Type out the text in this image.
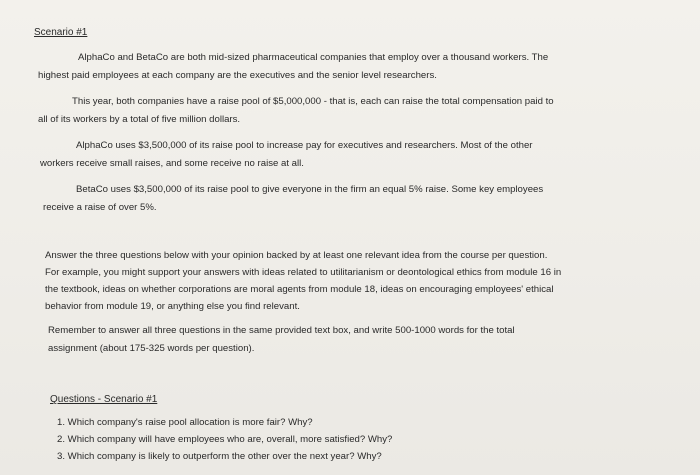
Scenario #1

AlphaCo and BetaCo are both mid-sized pharmaceutical companies that employ over a thousand workers. The

highest paid employees at each company are the executives and the senior level researchers.

This year, both companies have a raise pool of $5,000,000 - that is, each can raise the total compensation paid to

all of its workers by a total of five million dollars.

AlphaCo uses $3,500,000 of its raise pool to increase pay for executives and researchers. Most of the other

workers receive small raises, and some receive no raise at all.

BetaCo uses $3,500,000 of its raise pool to give everyone in the firm an equal 5% raise. Some key employees

receive a raise of over 5%.

Answer the three questions below with your opinion backed by at least one relevant idea from the course per question.

For example, you might support your answers with ideas related to utilitarianism or deontological ethics from module 16 in

the textbook, ideas on whether corporations are moral agents from module 18, ideas on encouraging employees' ethical

behavior from module 19, or anything else you find relevant.

Remember to answer all three questions in the same provided text box, and write 500-1000 words for the total

assignment (about 175-325 words per question).

Questions - Scenario #1

1. Which company's raise pool allocation is more fair? Why?

2. Which company will have employees who are, overall, more satisfied? Why?

3. Which company is likely to outperform the other over the next year? Why?
